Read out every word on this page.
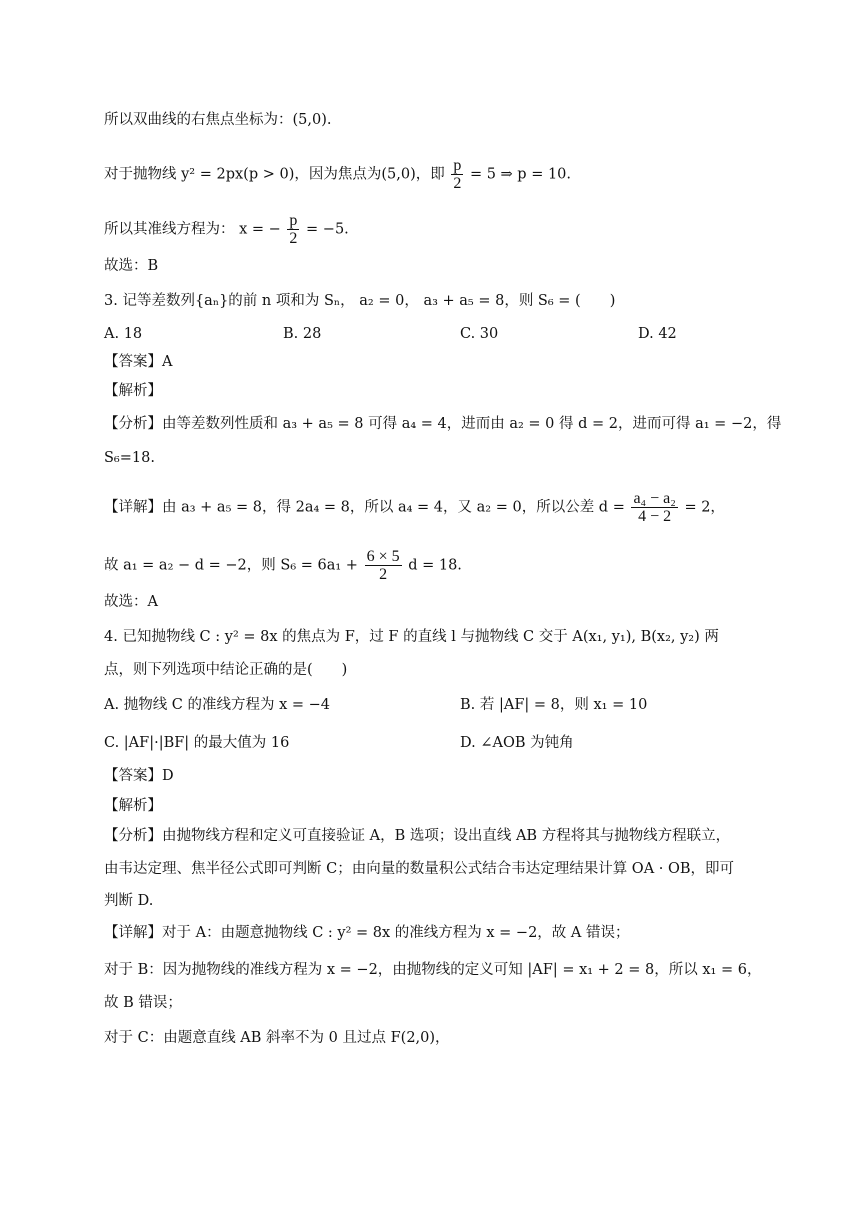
所以双曲线的右焦点坐标为：(5,0).
对于抛物线 y² = 2px(p > 0)，因为焦点为(5,0)，即 $\frac{p}{2} = 5$ ⇒ p = 10.
所以其准线方程为： x = − $\frac{p}{2} = -5$.
故选：B
3. 记等差数列{aₙ}的前 n 项和为 Sₙ， a₂ = 0， a₃ + a₅ = 8，则 S₆ = (　　)
A. 18	B. 28	C. 30	D. 42
【答案】A
【解析】
【分析】由等差数列性质和 a₃ + a₅ = 8 可得 a₄ = 4，进而由 a₂ = 0 得 d = 2，进而可得 a₁ = −2，得
S₆=18.
【详解】由 a₃ + a₅ = 8，得 2a₄ = 8，所以 a₄ = 4，又 a₂ = 0，所以公差 $d = \frac{\text{a₄ − a₂}}{4 - 2} = 2$，
故 a₁ = a₂ − d = −2，则 $S_6 = 6a_1 + \frac{6 \times 5}{2}$ d = 18.
故选：A
4. 已知抛物线 C : y² = 8x 的焦点为 F，过 F 的直线 l 与抛物线 C 交于 A(x₁, y₁), B(x₂, y₂) 两
点，则下列选项中结论正确的是(　　)
A. 抛物线 C 的准线方程为 x = −4	B. 若 |AF| = 8，则 x₁ = 10
C. |AF|·|BF| 的最大值为 16	D. ∠AOB 为钝角
【答案】D
【解析】
【分析】由抛物线方程和定义可直接验证 A，B 选项；设出直线 AB 方程将其与抛物线方程联立，
由韦达定理、焦半径公式即可判断 C；由向量的数量积公式结合韦达定理结果计算 OA · OB，即可
判断 D.
【详解】对于 A：由题意抛物线 C : y² = 8x 的准线方程为 x = −2，故 A 错误；
对于 B：因为抛物线的准线方程为 x = −2，由抛物线的定义可知 |AF| = x₁ + 2 = 8，所以 x₁ = 6，
故 B 错误；
对于 C：由题意直线 AB 斜率不为 0 且过点 F(2,0)，
